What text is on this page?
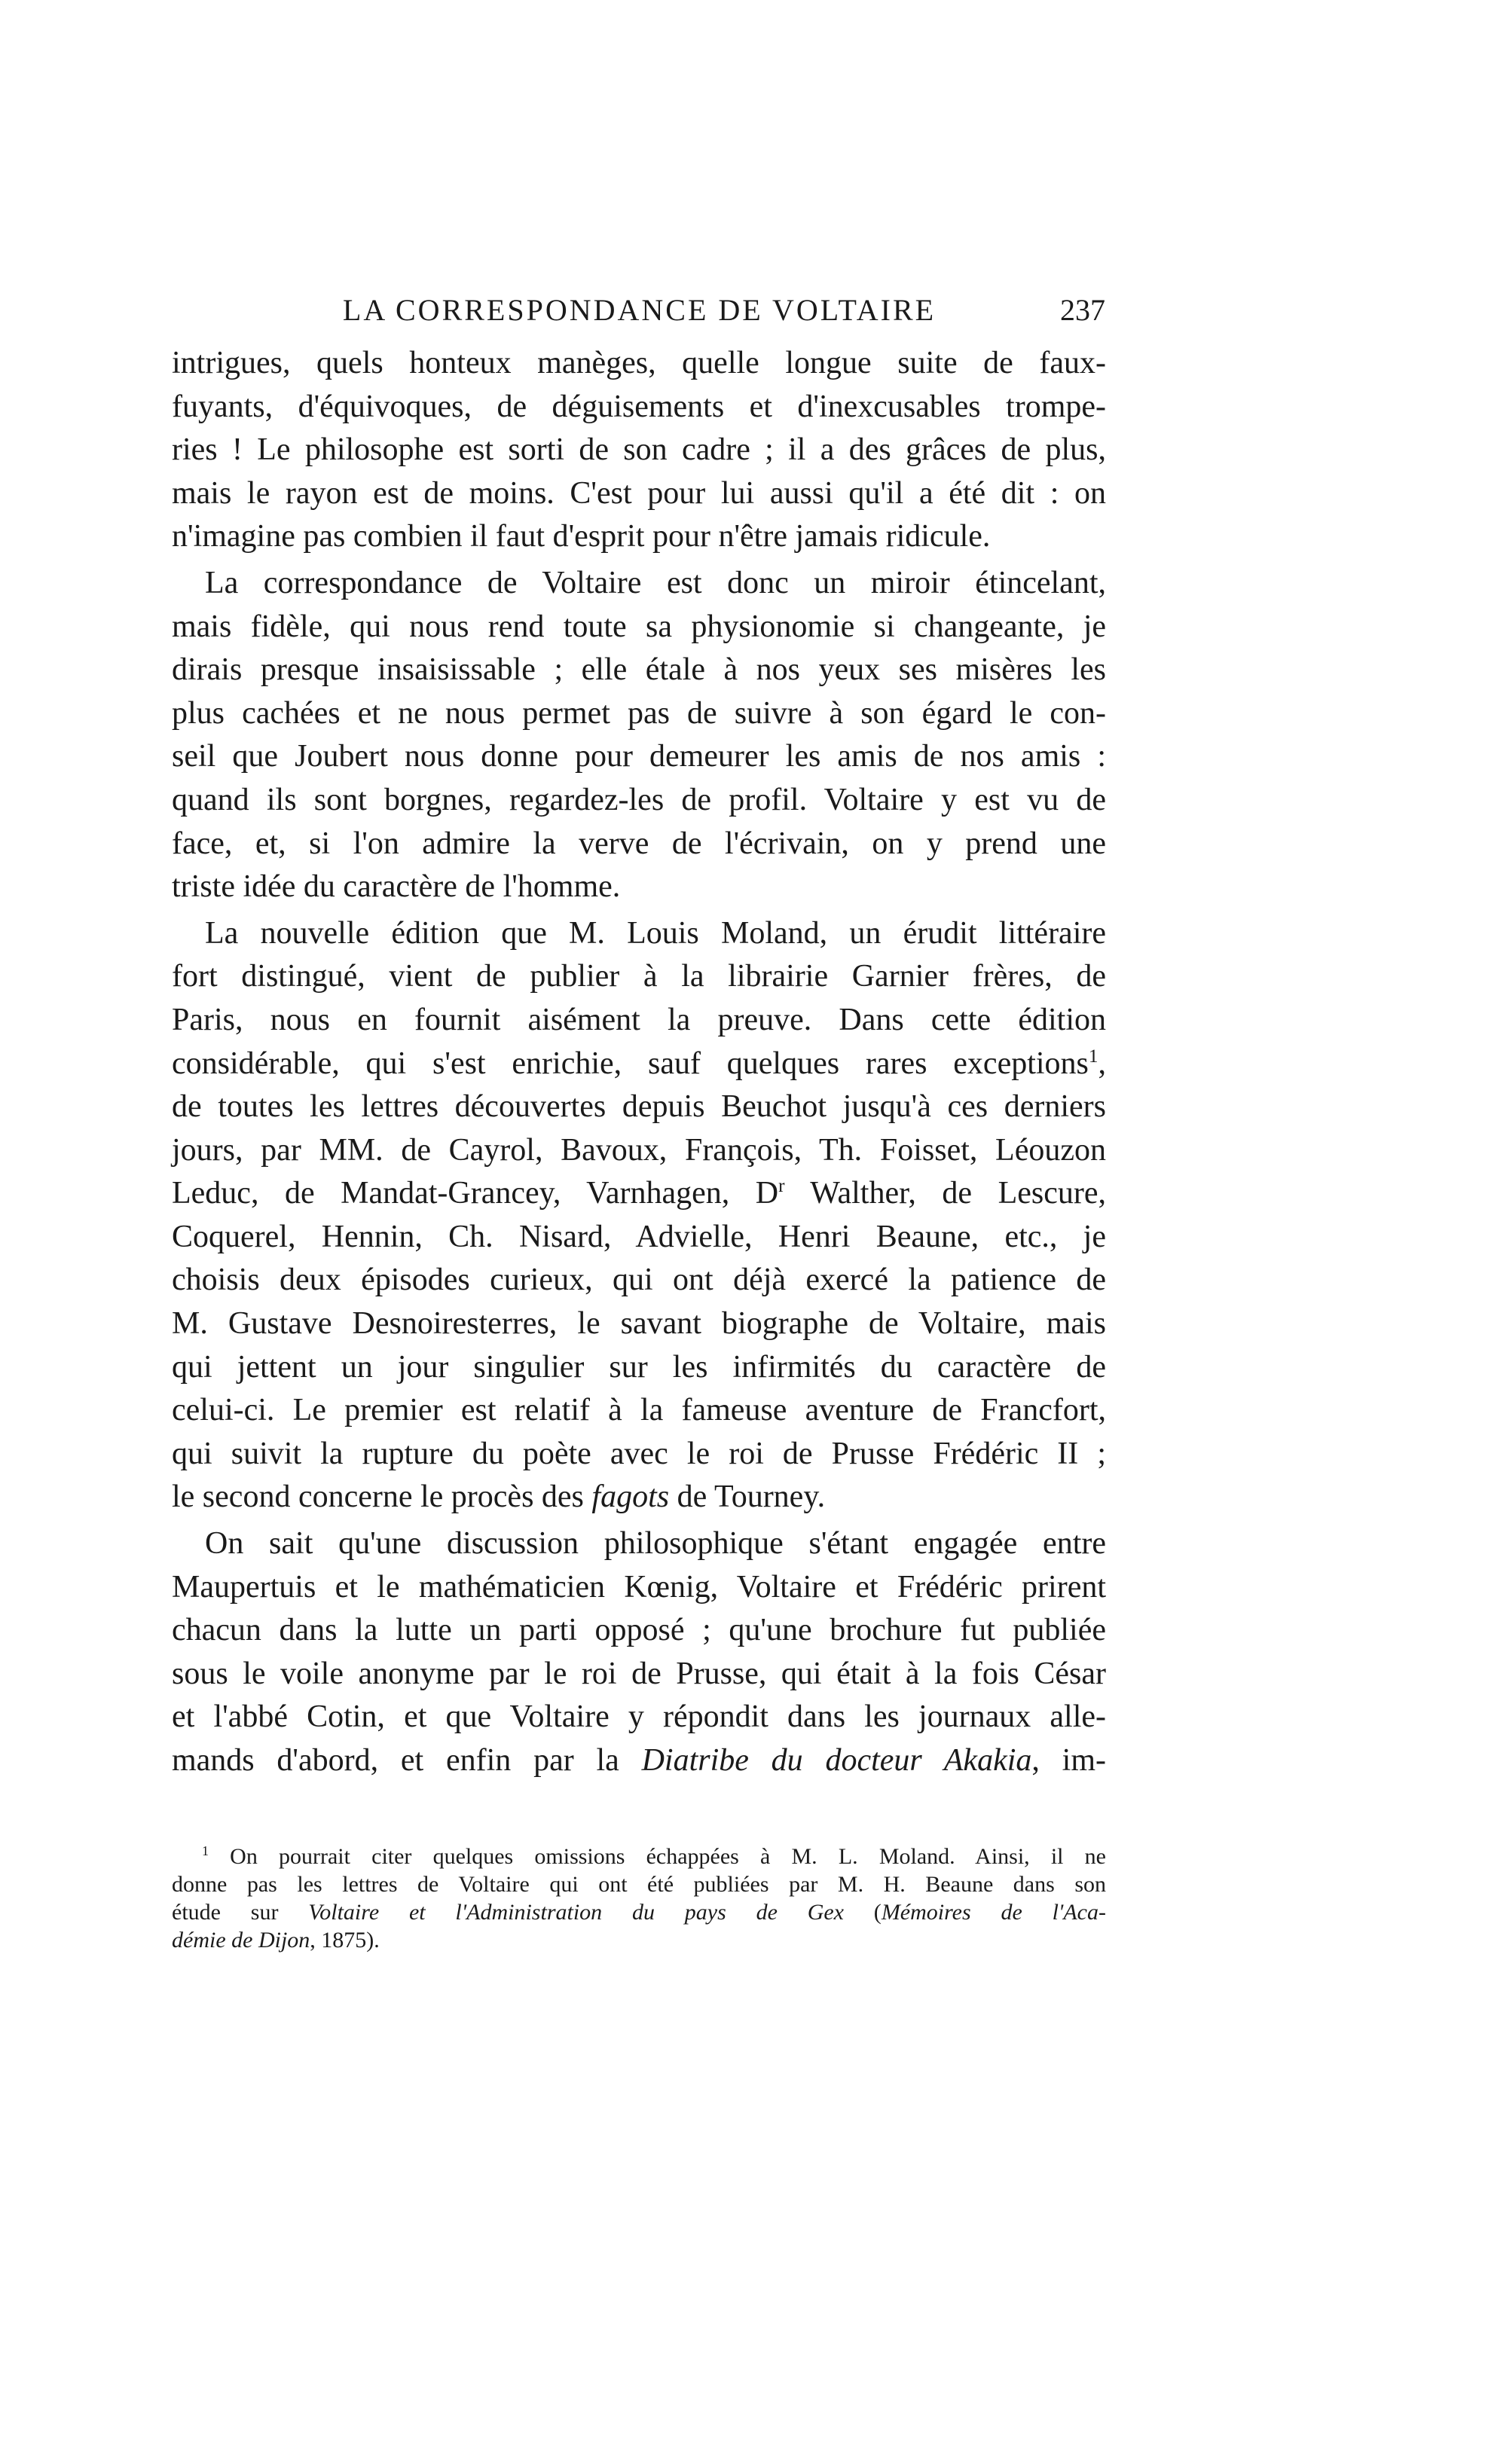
LA CORRESPONDANCE DE VOLTAIRE	237
intrigues, quels honteux manèges, quelle longue suite de faux-
fuyants, d'équivoques, de déguisements et d'inexcusables trompe-
ries ! Le philosophe est sorti de son cadre ; il a des grâces de plus,
mais le rayon est de moins. C'est pour lui aussi qu'il a été dit : on
n'imagine pas combien il faut d'esprit pour n'être jamais ridicule.
La correspondance de Voltaire est donc un miroir étincelant,
mais fidèle, qui nous rend toute sa physionomie si changeante, je
dirais presque insaisissable ; elle étale à nos yeux ses misères les
plus cachées et ne nous permet pas de suivre à son égard le con-
seil que Joubert nous donne pour demeurer les amis de nos amis :
quand ils sont borgnes, regardez-les de profil. Voltaire y est vu de
face, et, si l'on admire la verve de l'écrivain, on y prend une
triste idée du caractère de l'homme.
La nouvelle édition que M. Louis Moland, un érudit littéraire
fort distingué, vient de publier à la librairie Garnier frères, de
Paris, nous en fournit aisément la preuve. Dans cette édition
considérable, qui s'est enrichie, sauf quelques rares exceptions$^1$,
de toutes les lettres découvertes depuis Beuchot jusqu'à ces derniers
jours, par MM. de Cayrol, Bavoux, François, Th. Foisset, Léouzon
Leduc, de Mandat-Grancey, Varnhagen, $D^r$ Walther, de Lescure,
Coquerel, Hennin, Ch. Nisard, Advielle, Henri Beaune, etc., je
choisis deux épisodes curieux, qui ont déjà exercé la patience de
M. Gustave Desnoiresterres, le savant biographe de Voltaire, mais
qui jettent un jour singulier sur les infirmités du caractère de
celui-ci. Le premier est relatif à la fameuse aventure de Francfort,
qui suivit la rupture du poète avec le roi de Prusse Frédéric II ;
le second concerne le procès des fagots de Tourney.
On sait qu'une discussion philosophique s'étant engagée entre
Maupertuis et le mathématicien Kœnig, Voltaire et Frédéric prirent
chacun dans la lutte un parti opposé ; qu'une brochure fut publiée
sous le voile anonyme par le roi de Prusse, qui était à la fois César
et l'abbé Cotin, et que Voltaire y répondit dans les journaux alle-
mands d'abord, et enfin par la Diatribe du docteur Akakia, im-
$^1$ On pourrait citer quelques omissions échappées à M. L. Moland. Ainsi, il ne
donne pas les lettres de Voltaire qui ont été publiées par M. H. Beaune dans son
étude sur Voltaire et l'Administration du pays de Gex (Mémoires de l'Aca-
démie de Dijon, 1875).
